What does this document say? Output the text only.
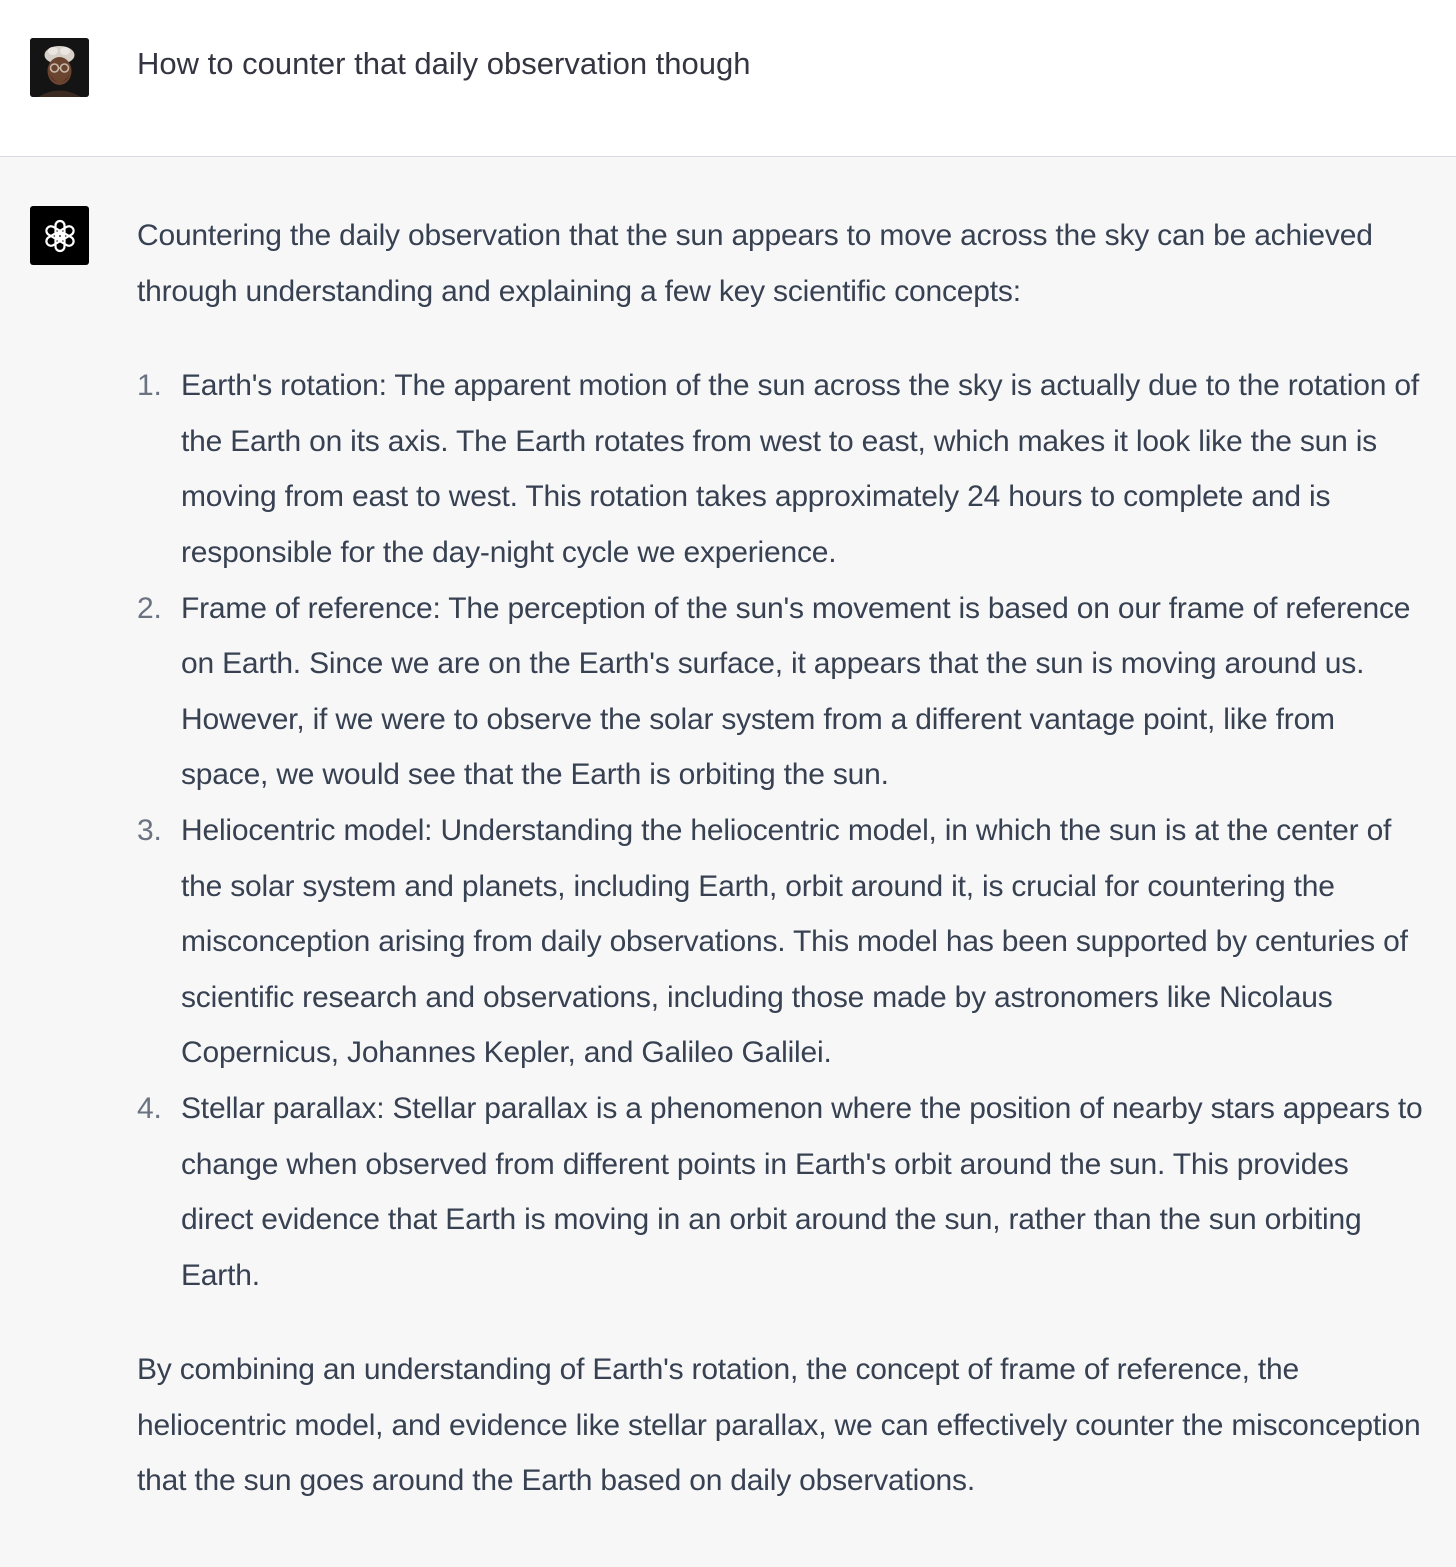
How to counter that daily observation though

Countering the daily observation that the sun appears to move across the sky can be achieved through understanding and explaining a few key scientific concepts:

1. Earth's rotation: The apparent motion of the sun across the sky is actually due to the rotation of the Earth on its axis. The Earth rotates from west to east, which makes it look like the sun is moving from east to west. This rotation takes approximately 24 hours to complete and is responsible for the day-night cycle we experience.
2. Frame of reference: The perception of the sun's movement is based on our frame of reference on Earth. Since we are on the Earth's surface, it appears that the sun is moving around us. However, if we were to observe the solar system from a different vantage point, like from space, we would see that the Earth is orbiting the sun.
3. Heliocentric model: Understanding the heliocentric model, in which the sun is at the center of the solar system and planets, including Earth, orbit around it, is crucial for countering the misconception arising from daily observations. This model has been supported by centuries of scientific research and observations, including those made by astronomers like Nicolaus Copernicus, Johannes Kepler, and Galileo Galilei.
4. Stellar parallax: Stellar parallax is a phenomenon where the position of nearby stars appears to change when observed from different points in Earth's orbit around the sun. This provides direct evidence that Earth is moving in an orbit around the sun, rather than the sun orbiting Earth.

By combining an understanding of Earth's rotation, the concept of frame of reference, the heliocentric model, and evidence like stellar parallax, we can effectively counter the misconception that the sun goes around the Earth based on daily observations.
